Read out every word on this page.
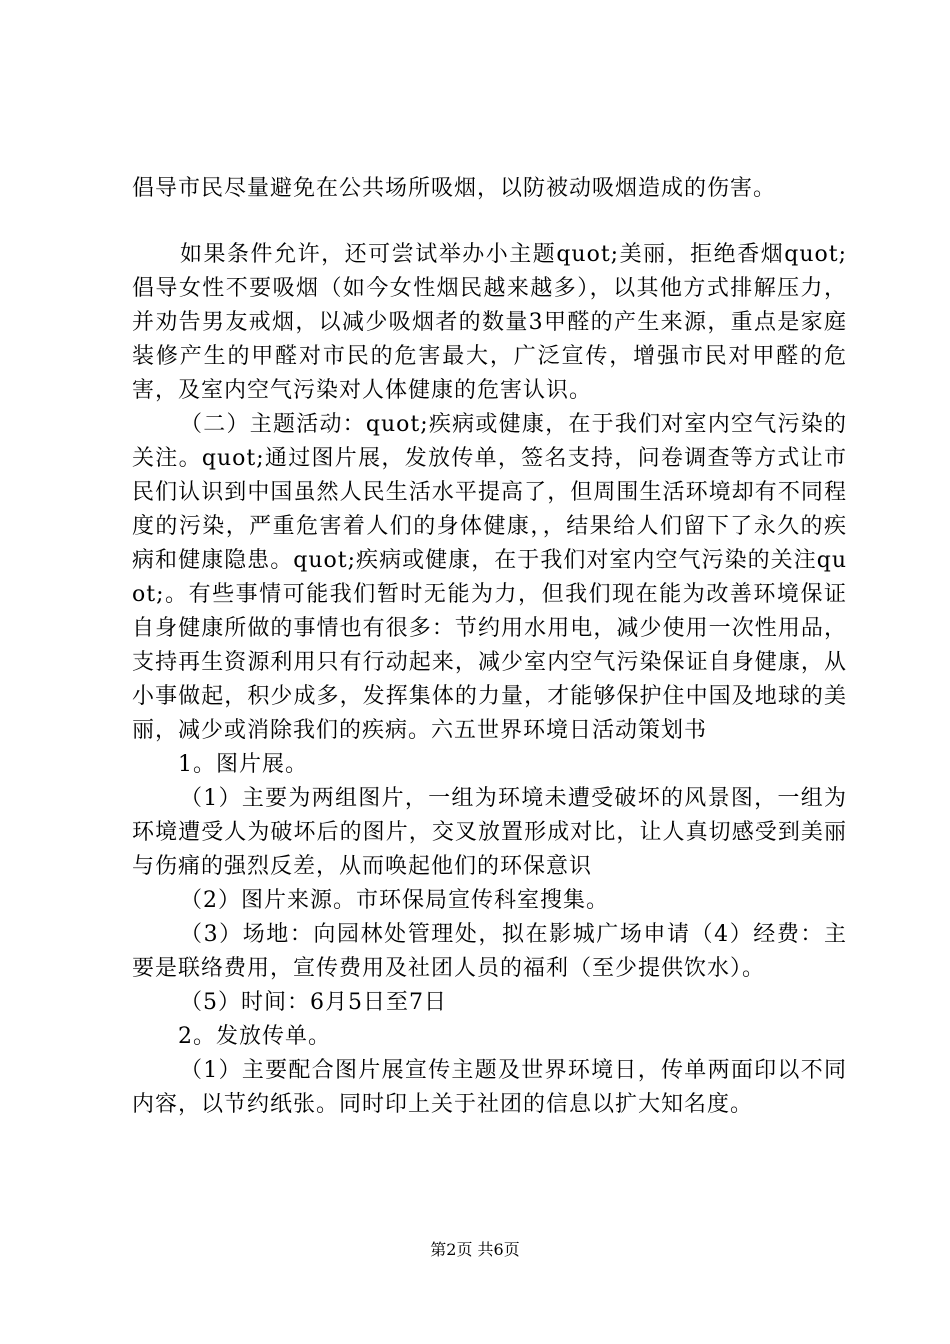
倡导市民尽量避免在公共场所吸烟，以防被动吸烟造成的伤害。

如果条件允许，还可尝试举办小主题quot;美丽，拒绝香烟quot;倡导女性不要吸烟（如今女性烟民越来越多），以其他方式排解压力，并劝告男友戒烟，以减少吸烟者的数量3甲醛的产生来源，重点是家庭装修产生的甲醛对市民的危害最大，广泛宣传，增强市民对甲醛的危害，及室内空气污染对人体健康的危害认识。

（二）主题活动：quot;疾病或健康，在于我们对室内空气污染的关注。quot;通过图片展，发放传单，签名支持，问卷调查等方式让市民们认识到中国虽然人民生活水平提高了，但周围生活环境却有不同程度的污染，严重危害着人们的身体健康，，结果给人们留下了永久的疾病和健康隐患。quot;疾病或健康，在于我们对室内空气污染的关注quot;。有些事情可能我们暂时无能为力，但我们现在能为改善环境保证自身健康所做的事情也有很多：节约用水用电，减少使用一次性用品，支持再生资源利用只有行动起来，减少室内空气污染保证自身健康，从小事做起，积少成多，发挥集体的力量，才能够保护住中国及地球的美丽，减少或消除我们的疾病。六五世界环境日活动策划书

1。图片展。

（1）主要为两组图片，一组为环境未遭受破坏的风景图，一组为环境遭受人为破坏后的图片，交叉放置形成对比，让人真切感受到美丽与伤痛的强烈反差，从而唤起他们的环保意识

（2）图片来源。市环保局宣传科室搜集。

（3）场地：向园林处管理处，拟在影城广场申请（4）经费：主要是联络费用，宣传费用及社团人员的福利（至少提供饮水）。

（5）时间：6月5日至7日

2。发放传单。

（1）主要配合图片展宣传主题及世界环境日，传单两面印以不同内容，以节约纸张。同时印上关于社团的信息以扩大知名度。

第2页 共6页
